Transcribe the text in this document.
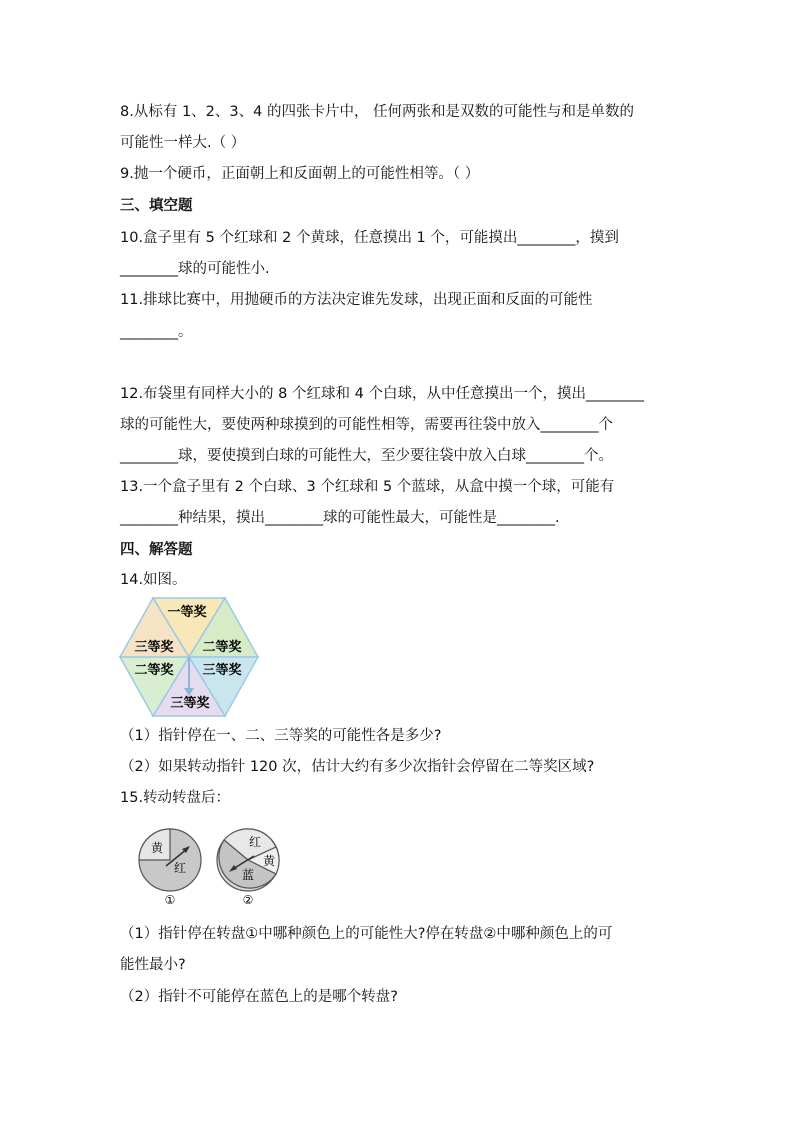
8.从标有 1、2、3、4 的四张卡片中， 任何两张和是双数的可能性与和是单数的
可能性一样大.（ ）
9.抛一个硬币，正面朝上和反面朝上的可能性相等。（ ）
三、填空题
10.盒子里有 5 个红球和 2 个黄球，任意摸出 1 个，可能摸出________，摸到
________球的可能性小.
11.排球比赛中，用抛硬币的方法决定谁先发球，出现正面和反面的可能性
________。
12.布袋里有同样大小的 8 个红球和 4 个白球，从中任意摸出一个，摸出________
球的可能性大，要使两种球摸到的可能性相等，需要再往袋中放入________个
________球，要使摸到白球的可能性大，至少要往袋中放入白球________个。
13.一个盒子里有 2 个白球、3 个红球和 5 个蓝球，从盒中摸一个球，可能有
________种结果，摸出________球的可能性最大，可能性是________.
四、解答题
14.如图。
一等奖
二等奖
三等奖
三等奖
二等奖
三等奖
（1）指针停在一、二、三等奖的可能性各是多少?
（2）如果转动指针 120 次，估计大约有多少次指针会停留在二等奖区域?
15.转动转盘后：
黄
红
①
红
黄
蓝
②
（1）指针停在转盘①中哪种颜色上的可能性大?停在转盘②中哪种颜色上的可
能性最小?
（2）指针不可能停在蓝色上的是哪个转盘?
